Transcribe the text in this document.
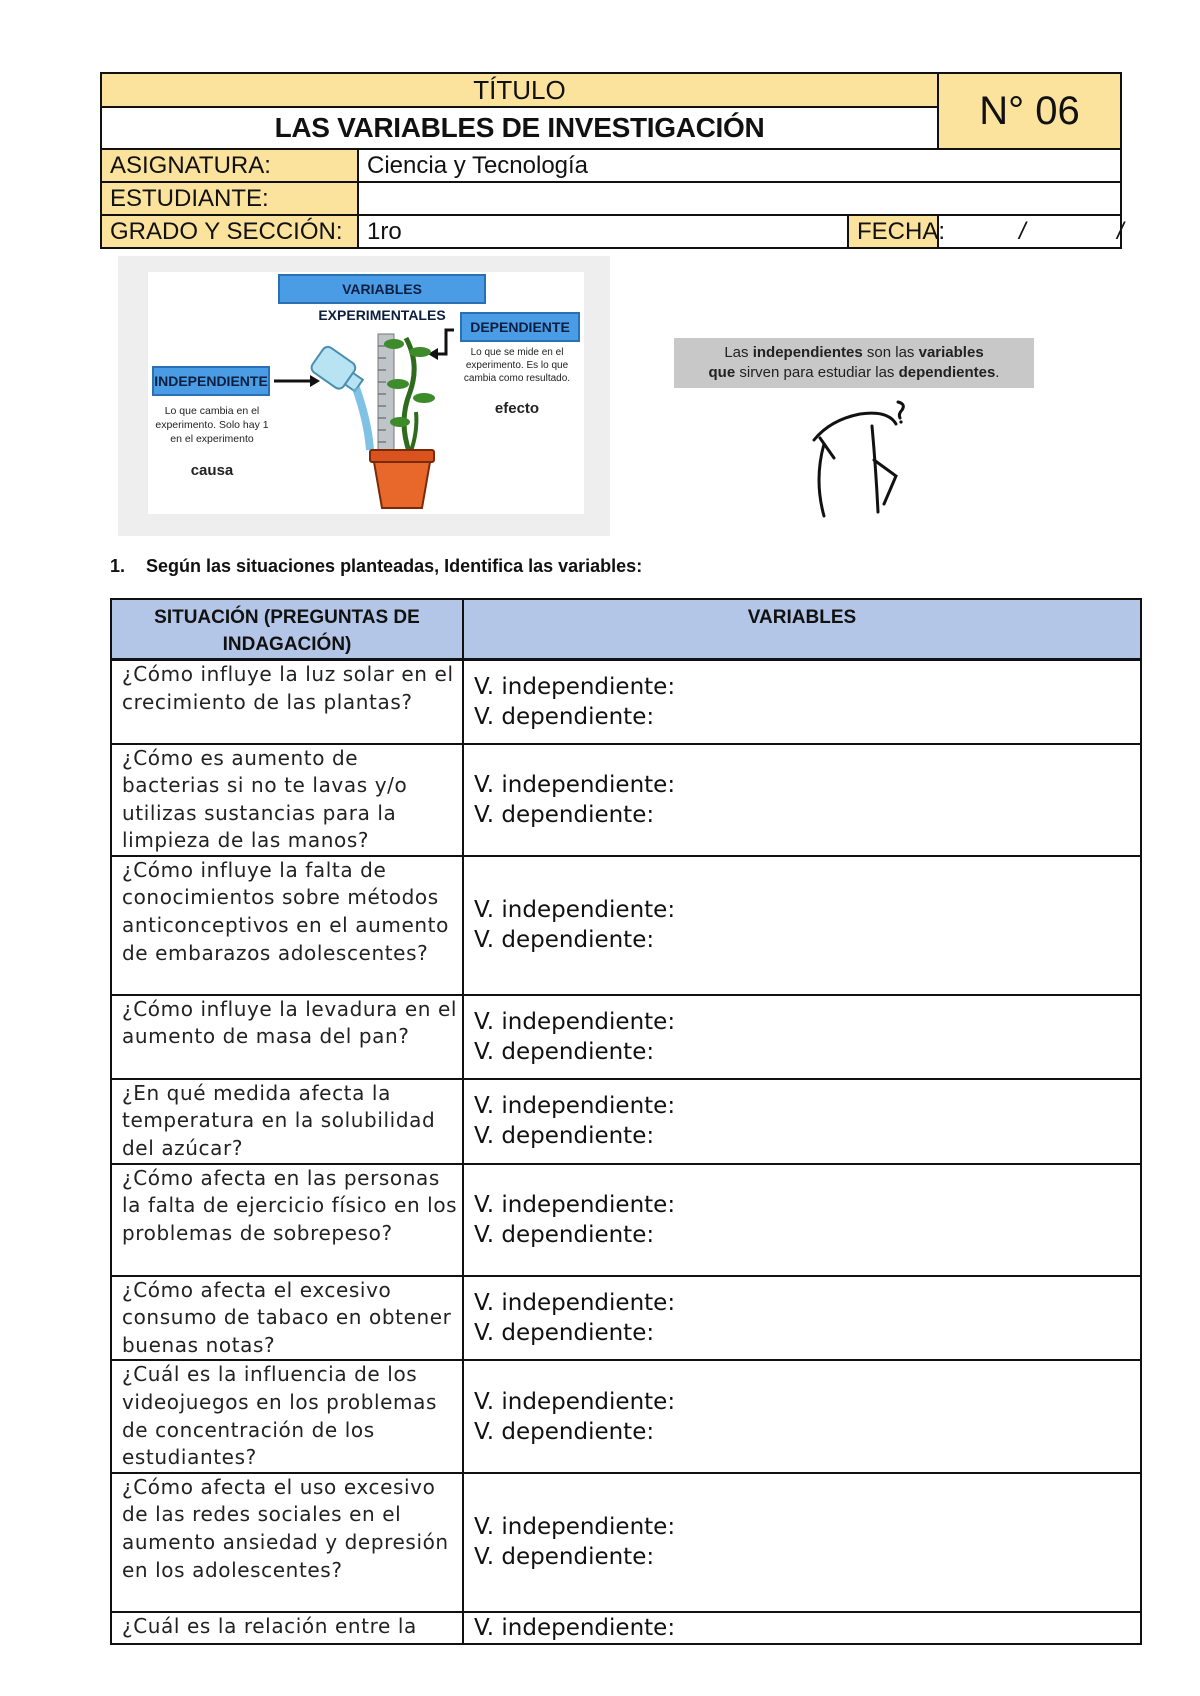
TÍTULO			N° 06
LAS VARIABLES DE INVESTIGACIÓN			
ASIGNATURA:	Ciencia y Tecnología		
ESTUDIANTE:			
GRADO Y SECCIÓN:	1ro	FECHA:	/ /
VARIABLES EXPERIMENTALES
INDEPENDIENTE
Lo que cambia en el experimento. Solo hay 1 en el experimento
causa
DEPENDIENTE
Lo que se mide en el experimento. Es lo que cambia como resultado.
efecto
Las independientes son las variables
que sirven para estudiar las dependientes.
1. Según las situaciones planteadas, Identifica las variables:
SITUACIÓN (PREGUNTAS DE INDAGACIÓN)	VARIABLES
¿Cómo influye la luz solar en el crecimiento de las plantas?	V. independiente:
V. dependiente:

¿Cómo es aumento de bacterias si no te lavas y/o utilizas sustancias para la limpieza de las manos?	V. independiente:
V. dependiente:

¿Cómo influye la falta de conocimientos sobre métodos anticonceptivos en el aumento de embarazos adolescentes?	V. independiente:
V. dependiente:

¿Cómo influye la levadura en el aumento de masa del pan?	V. independiente:
V. dependiente:

¿En qué medida afecta la temperatura en la solubilidad del azúcar?	V. independiente:
V. dependiente:

¿Cómo afecta en las personas la falta de ejercicio físico en los problemas de sobrepeso?	V. independiente:
V. dependiente:

¿Cómo afecta el excesivo consumo de tabaco en obtener buenas notas?	V. independiente:
V. dependiente:

¿Cuál es la influencia de los videojuegos en los problemas de concentración de los estudiantes?	V. independiente:
V. dependiente:

¿Cómo afecta el uso excesivo de las redes sociales en el aumento ansiedad y depresión en los adolescentes?	V. independiente:
V. dependiente:

¿Cuál es la relación entre la	V. independiente:
